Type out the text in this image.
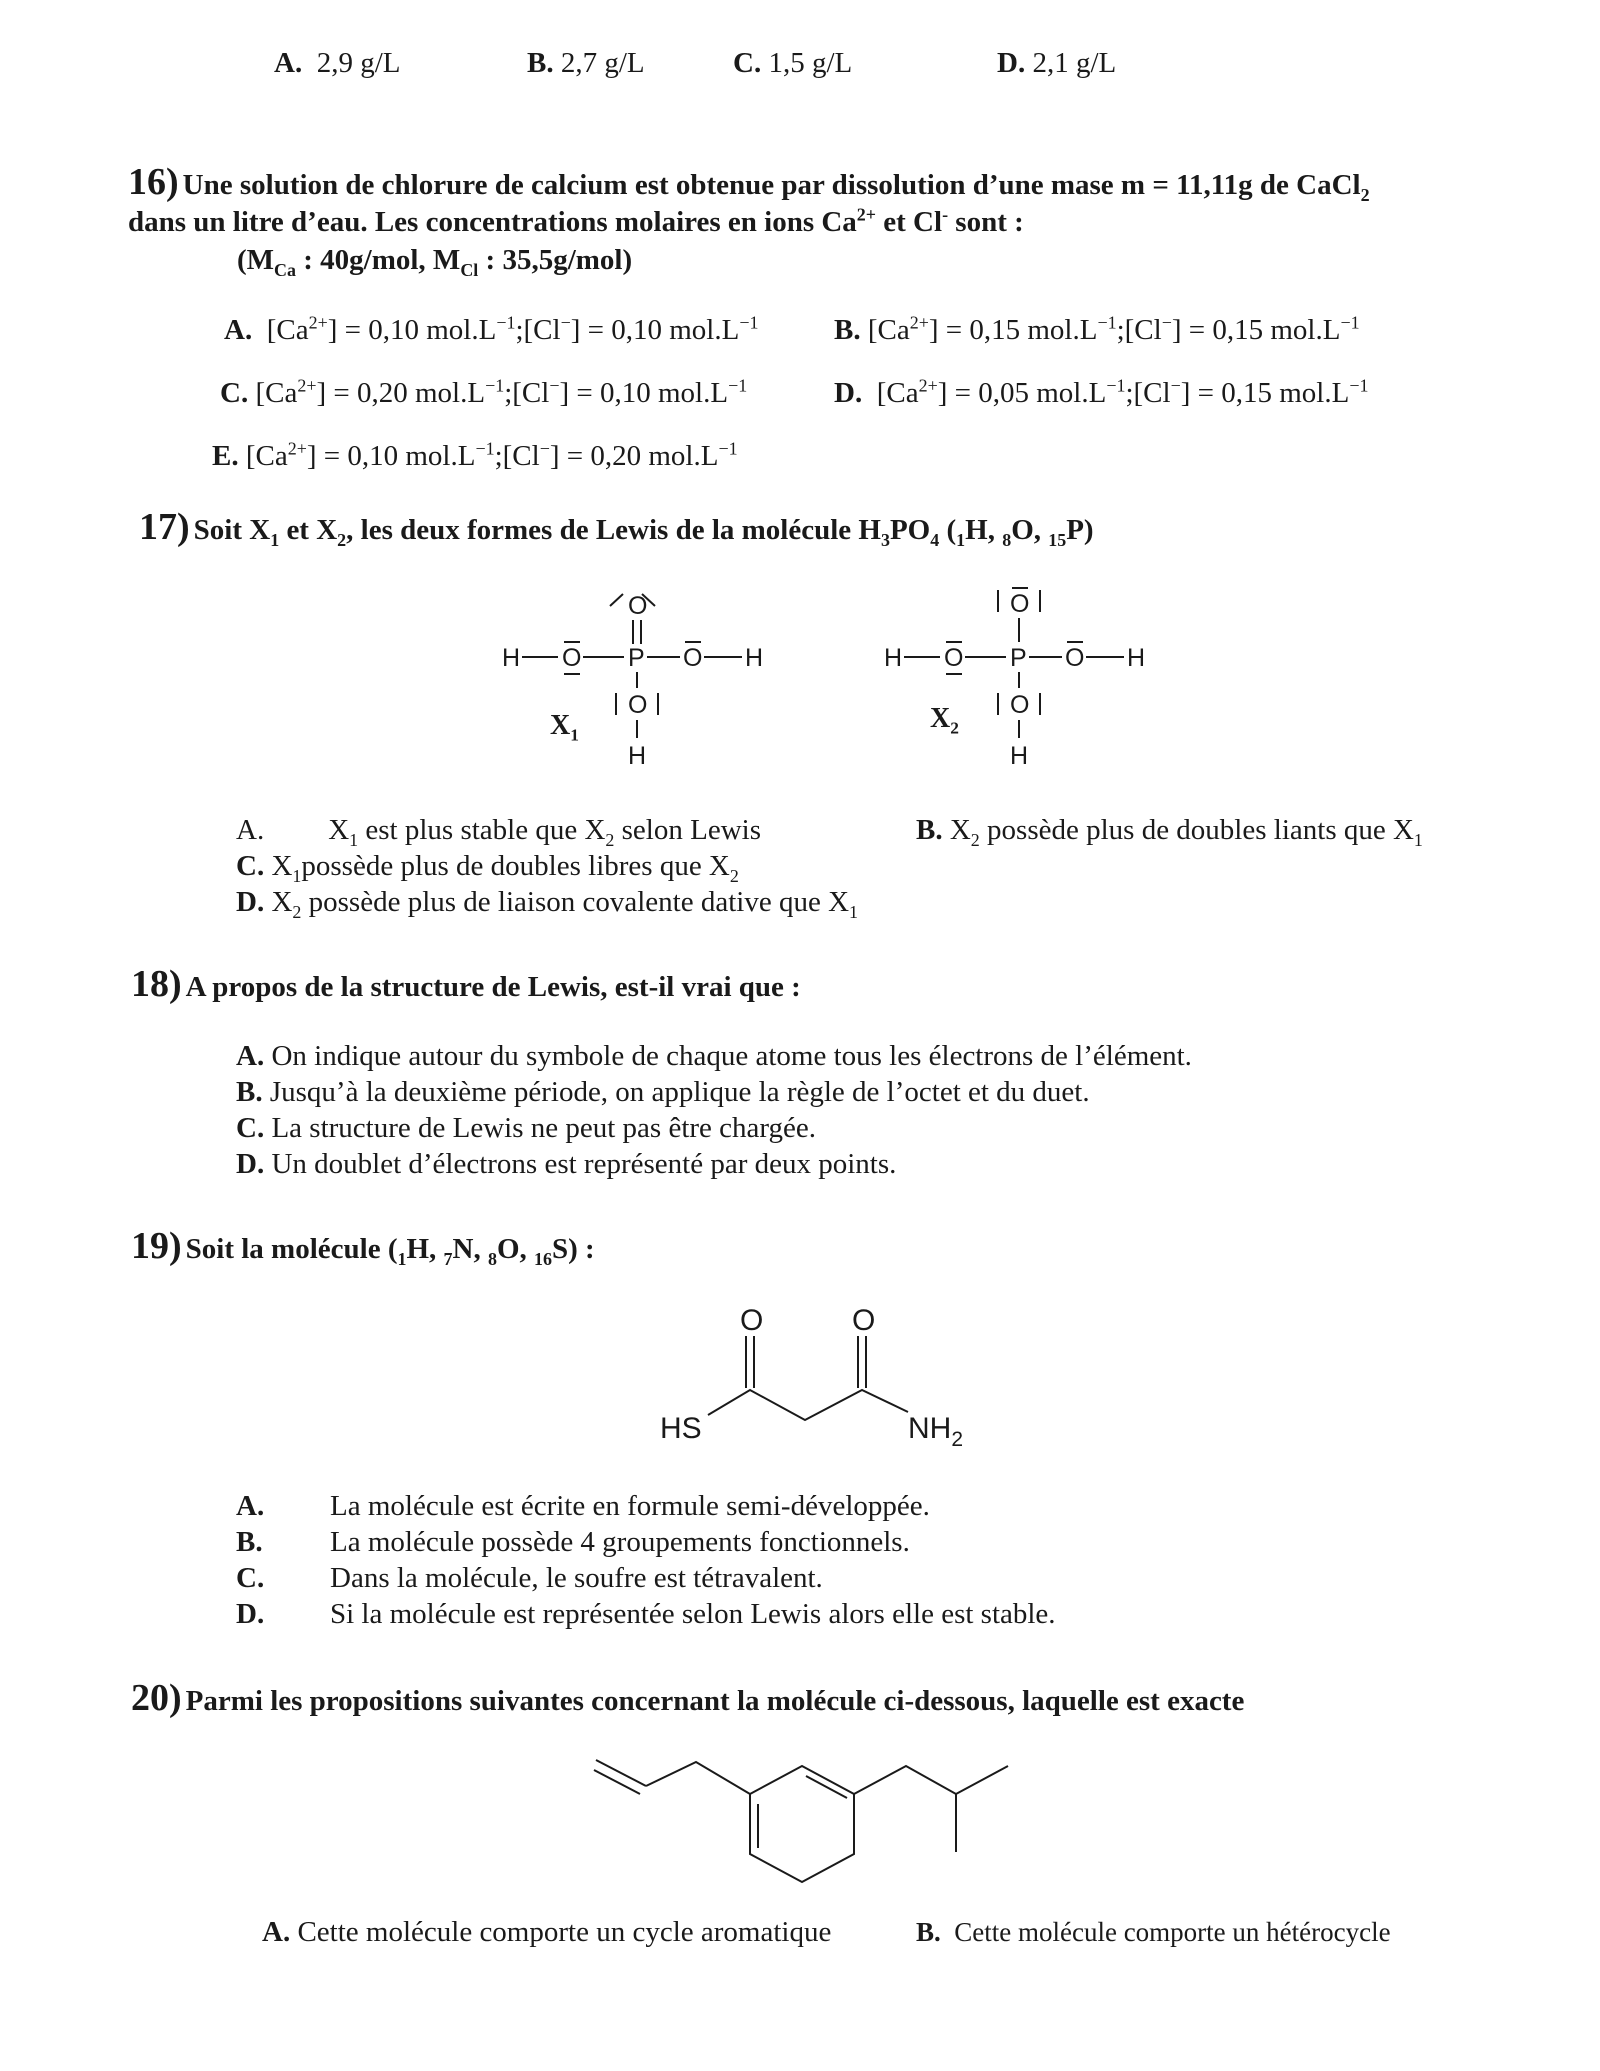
A. 2,9 g/L	B. 2,7 g/L	C. 1,5 g/L	D. 2,1 g/L
16) Une solution de chlorure de calcium est obtenue par dissolution d’une mase m = 11,11g de CaCl$_2$
dans un litre d’eau. Les concentrations molaires en ions $Ca^{2+}$ et Cl- sont :
($M_{Ca}$ : 40g/mol, $M_{Cl}$ : 35,5g/mol)
A. $[Ca^{2+}] = 0,10$ $mol.L^{-1};[Cl^-] = 0,10$ $mol.L^{-1}$	B. $[Ca^{2+}] = 0,15$ $mol.L^{-1};[Cl^-] = 0,15$ $mol.L^{-1}$
C. $[Ca^{2+}] = 0,20$ $mol.L^{-1};[Cl^-] = 0,10$ $mol.L^{-1}$	D. $[Ca^{2+}] = 0,05$ $mol.L^{-1};[Cl^-] = 0,15$ $mol.L^{-1}$
E. $[Ca^{2+}] = 0,10$ $mol.L^{-1};[Cl^-] = 0,20$ $mol.L^{-1}$
17) Soit $X_1$ et $X_2$, les deux formes de Lewis de la molécule $H_3PO_4$ ($_1H$, $_8$O, $_{15}$P)
O
H O P O H
O
H
$X_1$
O
H O P O H
O
H
$X_2$
A. $X_1$ est plus stable que $X_2$ selon Lewis	B. $X_2$ possède plus de doubles liants que $X_1$
C. $X_1possède$ plus de doubles libres que $X_2$
D. $X_2$ possède plus de liaison covalente dative que $X_1$
18) A propos de la structure de Lewis, est-il vrai que :
A. On indique autour du symbole de chaque atome tous les électrons de l’élément.
B. Jusqu’à la deuxième période, on applique la règle de l’octet et du duet.
C. La structure de Lewis ne peut pas être chargée.
D. Un doublet d’électrons est représenté par deux points.
19) Soit la molécule ($_1H$, $_7$N, $_8$O, $_{16}$S) :
O	O
HS	$NH_2$
A. La molécule est écrite en formule semi-développée.
B. La molécule possède 4 groupements fonctionnels.
C. Dans la molécule, le soufre est tétravalent.
D. Si la molécule est représentée selon Lewis alors elle est stable.
20) Parmi les propositions suivantes concernant la molécule ci-dessous, laquelle est exacte
A. Cette molécule comporte un cycle aromatique	B. Cette molécule comporte un hétérocycle
